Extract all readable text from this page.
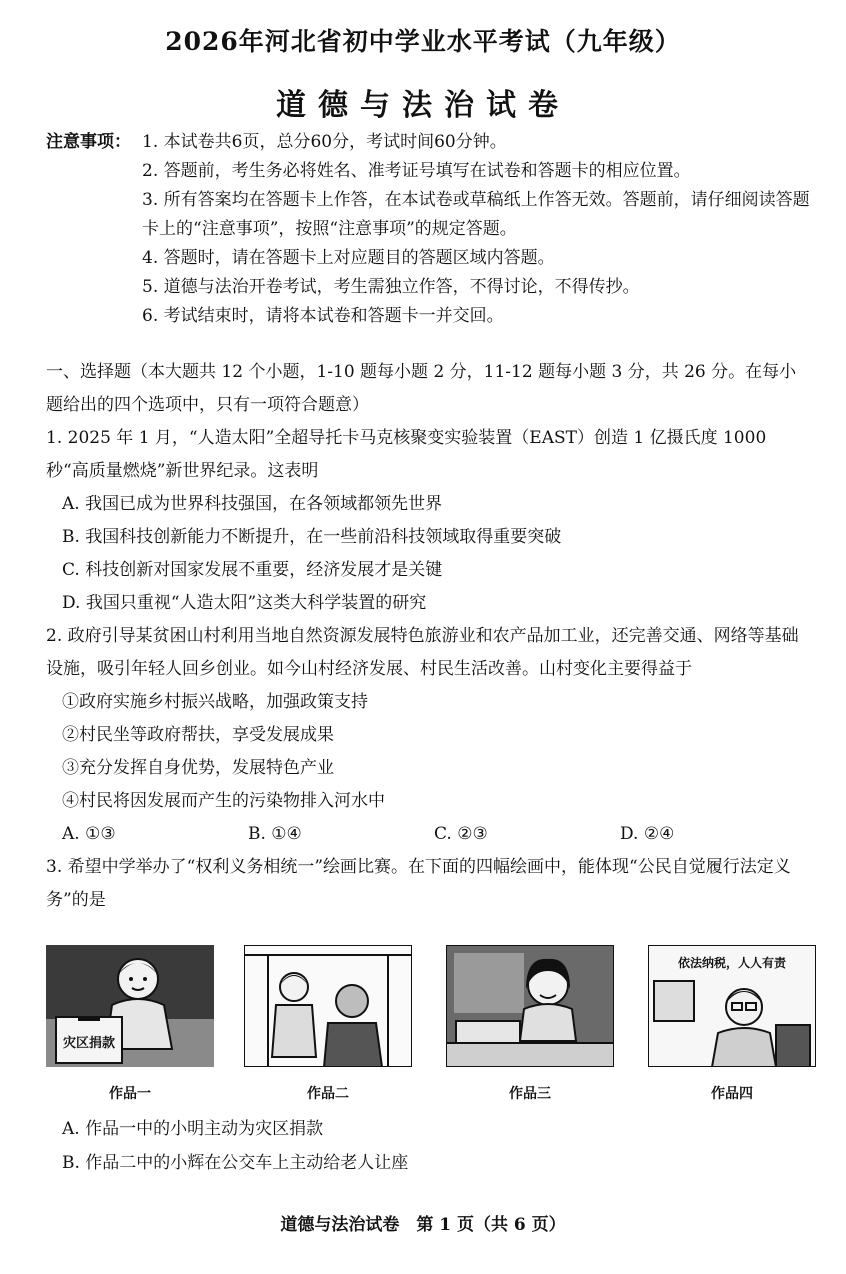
2026年河北省初中学业水平考试（九年级）
道德与法治试卷
注意事项： 1. 本试卷共6页，总分60分，考试时间60分钟。
2. 答题前，考生务必将姓名、准考证号填写在试卷和答题卡的相应位置。
3. 所有答案均在答题卡上作答，在本试卷或草稿纸上作答无效。答题前，请仔细阅读答题卡上的“注意事项”，按照“注意事项”的规定答题。
4. 答题时，请在答题卡上对应题目的答题区域内答题。
5. 道德与法治开卷考试，考生需独立作答，不得讨论，不得传抄。
6. 考试结束时，请将本试卷和答题卡一并交回。

一、选择题（本大题共 12 个小题，1-10 题每小题 2 分，11-12 题每小题 3 分，共 26 分。在每小题给出的四个选项中，只有一项符合题意）

1. 2025 年 1 月，“人造太阳”全超导托卡马克核聚变实验装置（EAST）创造 1 亿摄氏度 1000 秒“高质量燃烧”新世界纪录。这表明

A. 我国已成为世界科技强国，在各领域都领先世界

B. 我国科技创新能力不断提升，在一些前沿科技领域取得重要突破

C. 科技创新对国家发展不重要，经济发展才是关键

D. 我国只重视“人造太阳”这类大科学装置的研究

2. 政府引导某贫困山村利用当地自然资源发展特色旅游业和农产品加工业，还完善交通、网络等基础设施，吸引年轻人回乡创业。如今山村经济发展、村民生活改善。山村变化主要得益于

①政府实施乡村振兴战略，加强政策支持

②村民坐等政府帮扶，享受发展成果

③充分发挥自身优势，发展特色产业

④村民将因发展而产生的污染物排入河水中

A. ①③	B. ①④	C. ②③	D. ②④

3. 希望中学举办了“权利义务相统一”绘画比赛。在下面的四幅绘画中，能体现“公民自觉履行法定义务”的是

灾区捐款
作品一	作品二	作品三
依法纳税，人人有责
作品四

A. 作品一中的小明主动为灾区捐款

B. 作品二中的小辉在公交车上主动给老人让座

道德与法治试卷　第 1 页（共 6 页）
